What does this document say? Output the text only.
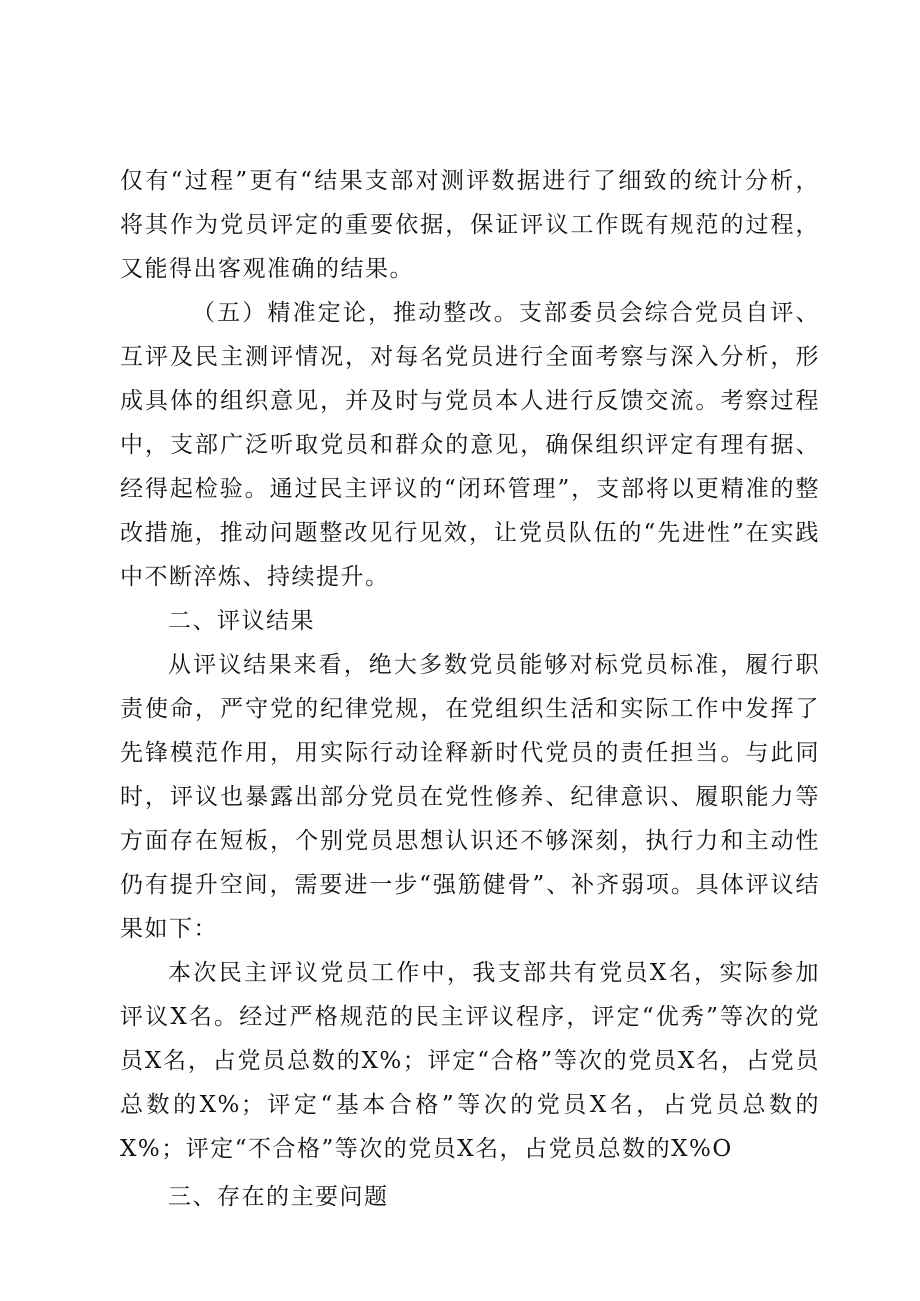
仅有“过程”更有“结果支部对测评数据进行了细致的统计分析，将其作为党员评定的重要依据，保证评议工作既有规范的过程，又能得出客观准确的结果。

（五）精准定论，推动整改。支部委员会综合党员自评、互评及民主测评情况，对每名党员进行全面考察与深入分析，形成具体的组织意见，并及时与党员本人进行反馈交流。考察过程中，支部广泛听取党员和群众的意见，确保组织评定有理有据、经得起检验。通过民主评议的“闭环管理”，支部将以更精准的整改措施，推动问题整改见行见效，让党员队伍的“先进性”在实践中不断淬炼、持续提升。

二、评议结果

从评议结果来看，绝大多数党员能够对标党员标准，履行职责使命，严守党的纪律党规，在党组织生活和实际工作中发挥了先锋模范作用，用实际行动诠释新时代党员的责任担当。与此同时，评议也暴露出部分党员在党性修养、纪律意识、履职能力等方面存在短板，个别党员思想认识还不够深刻，执行力和主动性仍有提升空间，需要进一步“强筋健骨”、补齐弱项。具体评议结果如下：

本次民主评议党员工作中，我支部共有党员X名，实际参加评议X名。经过严格规范的民主评议程序，评定“优秀”等次的党员X名，占党员总数的X%；评定“合格”等次的党员X名，占党员总数的X%；评定“基本合格”等次的党员X名，占党员总数的X%；评定“不合格”等次的党员X名，占党员总数的X%O

三、存在的主要问题
